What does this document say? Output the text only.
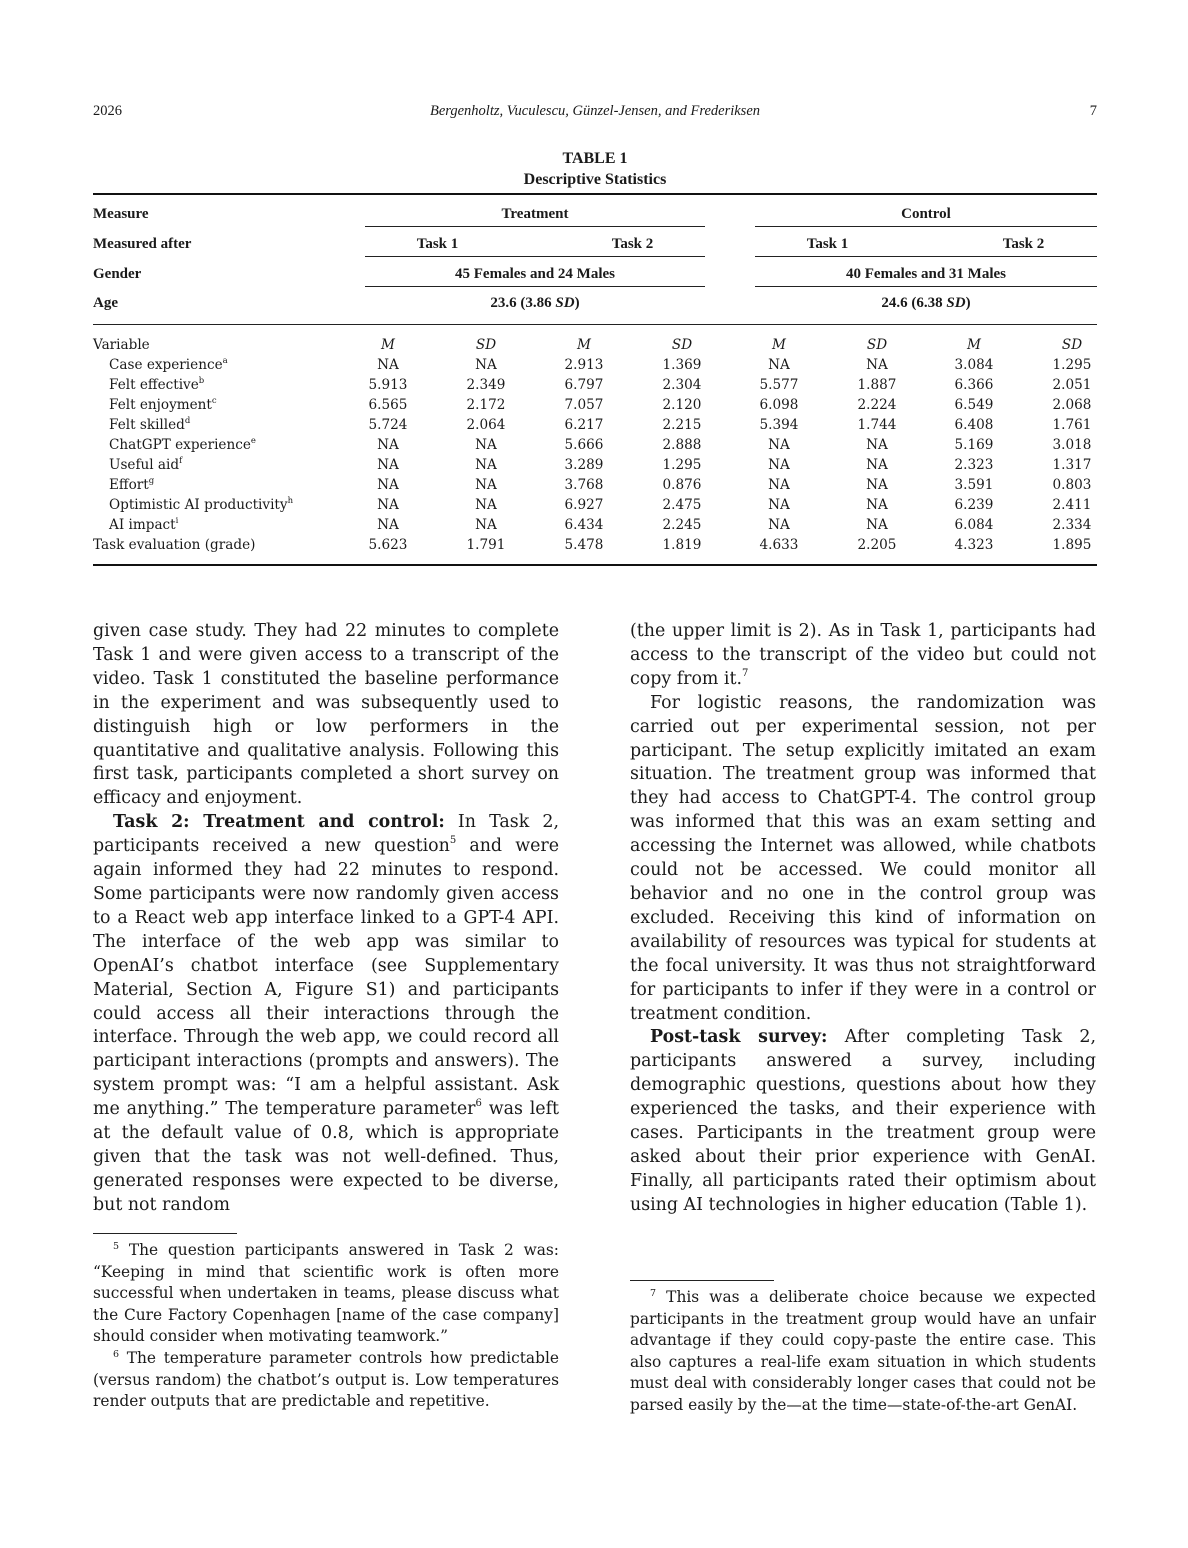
2026	Bergenholtz, Vuculescu, Günzel-Jensen, and Frederiksen	7
TABLE 1
Descriptive Statistics
Measure	Treatment	Control
Measured after	Task 1	Task 2	Task 1	Task 2
Gender	45 Females and 24 Males	40 Females and 31 Males
Age	23.6 (3.86 SD)	24.6 (6.38 SD)
Variable	M	SD	M	SD	M	SD	M	SD
Case experience$^a$	NA	NA	2.913	1.369	NA	NA	3.084	1.295
Felt effective$^b$	5.913	2.349	6.797	2.304	5.577	1.887	6.366	2.051
Felt enjoyment$^c$	6.565	2.172	7.057	2.120	6.098	2.224	6.549	2.068
Felt skilled$^d$	5.724	2.064	6.217	2.215	5.394	1.744	6.408	1.761
ChatGPT experience$^e$	NA	NA	5.666	2.888	NA	NA	5.169	3.018
Useful aid$^f$	NA	NA	3.289	1.295	NA	NA	2.323	1.317
Effort$^g$	NA	NA	3.768	0.876	NA	NA	3.591	0.803
Optimistic AI productivity$^h$	NA	NA	6.927	2.475	NA	NA	6.239	2.411
AI impact$^i$	NA	NA	6.434	2.245	NA	NA	6.084	2.334
Task evaluation (grade)	5.623	1.791	5.478	1.819	4.633	2.205	4.323	1.895

given case study. They had 22 minutes to complete Task 1 and were given access to a transcript of the video. Task 1 constituted the baseline performance in the experiment and was subsequently used to distinguish high or low performers in the quantitative and qualitative analysis. Following this first task, participants completed a short survey on efficacy and enjoyment.

Task 2: Treatment and control: In Task 2, participants received a new question$^5$ and were again informed they had 22 minutes to respond. Some participants were now randomly given access to a React web app interface linked to a GPT-4 API. The interface of the web app was similar to OpenAI’s chatbot interface (see Supplementary Material, Section A, Figure S1) and participants could access all their interactions through the interface. Through the web app, we could record all participant interactions (prompts and answers). The system prompt was: “I am a helpful assistant. Ask me anything.” The temperature parameter$^6$ was left at the default value of 0.8, which is appropriate given that the task was not well-defined. Thus, generated responses were expected to be diverse, but not random

(the upper limit is 2). As in Task 1, participants had access to the transcript of the video but could not copy from it.$^7$

For logistic reasons, the randomization was carried out per experimental session, not per participant. The setup explicitly imitated an exam situation. The treatment group was informed that they had access to ChatGPT-4. The control group was informed that this was an exam setting and accessing the Internet was allowed, while chatbots could not be accessed. We could monitor all behavior and no one in the control group was excluded. Receiving this kind of information on availability of resources was typical for students at the focal university. It was thus not straightforward for participants to infer if they were in a control or treatment condition.

Post-task survey: After completing Task 2, participants answered a survey, including demographic questions, questions about how they experienced the tasks, and their experience with cases. Participants in the treatment group were asked about their prior experience with GenAI. Finally, all participants rated their optimism about using AI technologies in higher education (Table 1).

$^5$ The question participants answered in Task 2 was: “Keeping in mind that scientific work is often more successful when undertaken in teams, please discuss what the Cure Factory Copenhagen [name of the case company] should consider when motivating teamwork.”

$^6$ The temperature parameter controls how predictable (versus random) the chatbot’s output is. Low temperatures render outputs that are predictable and repetitive.

$^7$ This was a deliberate choice because we expected participants in the treatment group would have an unfair advantage if they could copy-paste the entire case. This also captures a real-life exam situation in which students must deal with considerably longer cases that could not be parsed easily by the—at the time—state-of-the-art GenAI.
